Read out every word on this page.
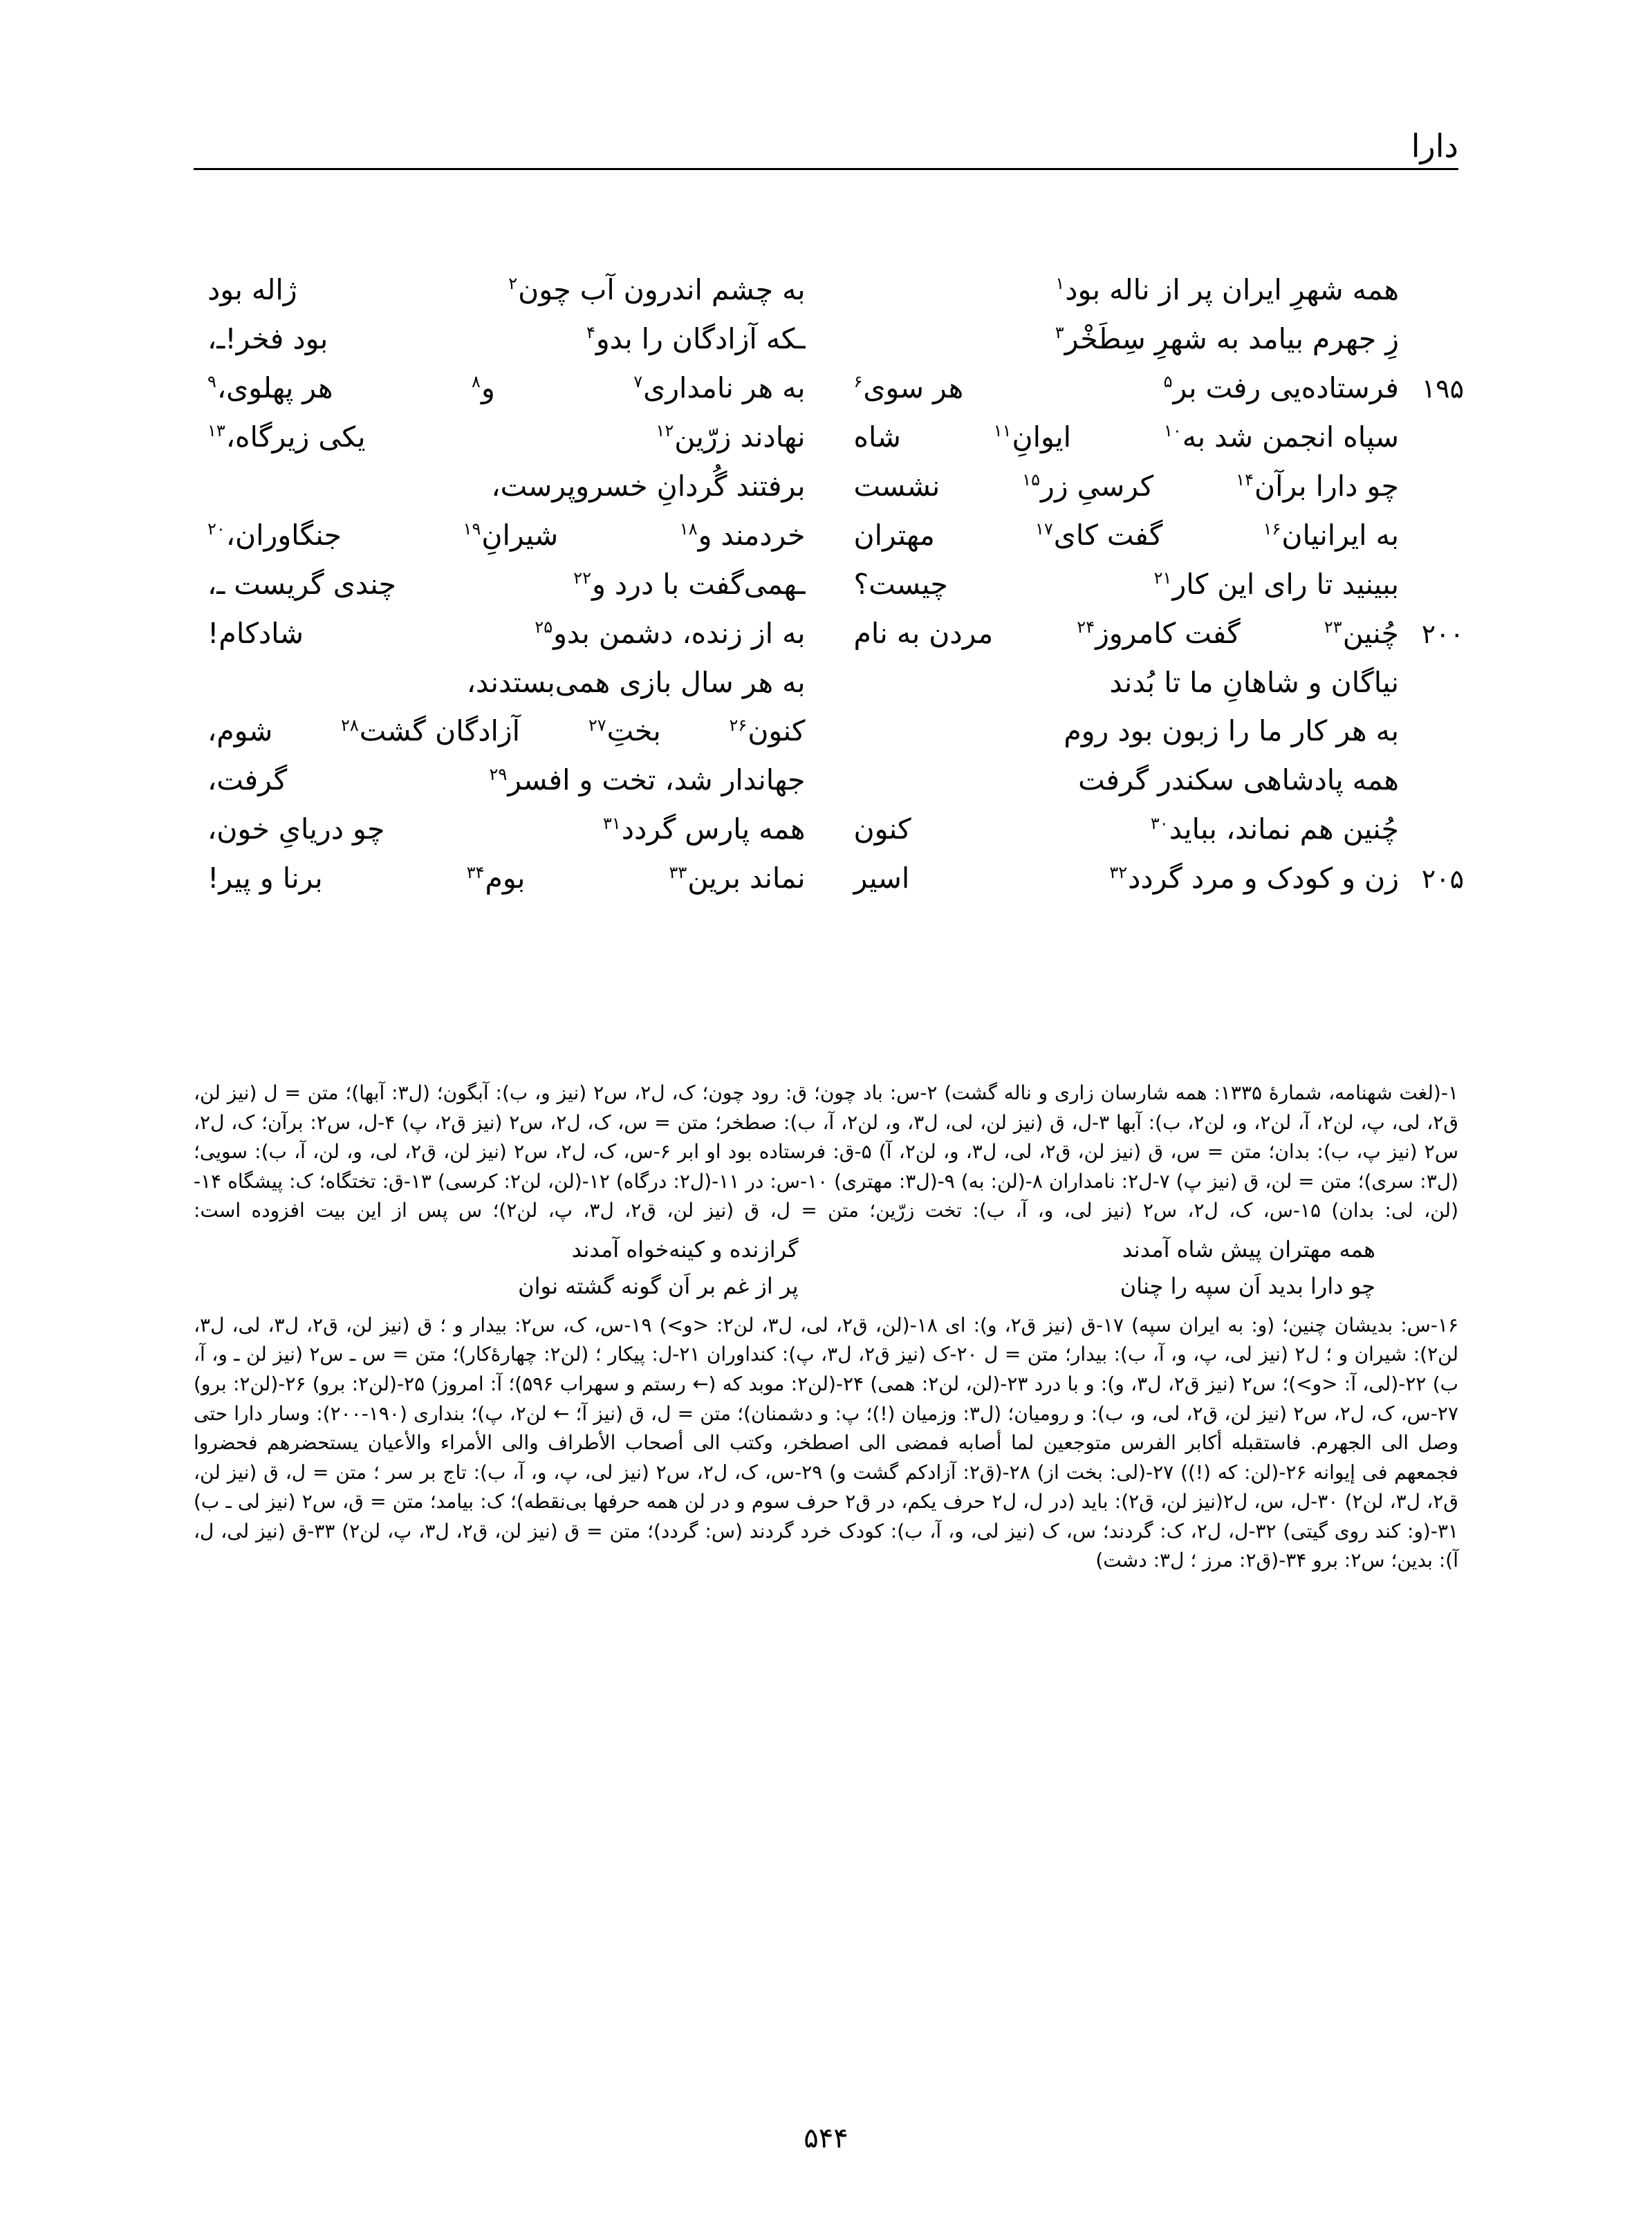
دارا
همه شهرِ ایران پر از ناله بود$^۱$
به چشم اندرون آب چون$^۲$
ژاله بود
زِ جهرم بیامد به شهرِ سِطَخْر$^۳$
ـکه آزادگان را بدو$^۴$
بود فخر!ـ،
۱۹۵
فرستاده‌یی رفت بر$^۵$
هر سوی$^۶$
به هر نامداری$^۷$
و$^۸$
هر پهلوی،$^۹$
سپاه انجمن شد به$^{۱۰}$
ایوانِ$^{۱۱}$
شاه
نهادند زرّین$^{۱۲}$
یکی زیرگاه،$^{۱۳}$
چو دارا برآن$^{۱۴}$
کرسیِ زر$^{۱۵}$
نشست
برفتند گُردانِ خسروپرست،
به ایرانیان$^{۱۶}$
گفت کای$^{۱۷}$
مهتران
خردمند و$^{۱۸}$
شیرانِ$^{۱۹}$
جنگاوران،$^{۲۰}$
ببینید تا رای این کار$^{۲۱}$
چیست؟
ـهمی‌گفت با درد و$^{۲۲}$
چندی گریست ـ،
۲۰۰
چُنین$^{۲۳}$
گفت کامروز$^{۲۴}$
مردن به نام
به از زنده، دشمن بدو$^{۲۵}$
شادکام!
نیاگان و شاهانِ ما تا بُدند
به هر سال بازی همی‌بستدند،
به هر کار ما را زبون بود روم
کنون$^{۲۶}$
بختِ$^{۲۷}$
آزادگان گشت$^{۲۸}$
شوم،
همه پادشاهی سکندر گرفت
جهاندار شد، تخت و افسر$^{۲۹}$
گرفت،
چُنین هم نماند، بباید$^{۳۰}$
کنون
همه پارس گردد$^{۳۱}$
چو دریایِ خون،
۲۰۵
زن و کودک و مرد گردد$^{۳۲}$
اسیر
نماند برین$^{۳۳}$
بوم$^{۳۴}$
برنا و پیر!

۱-(لغت شهنامه، شمارهٔ ۱۳۳۵: همه شارسان زاری و ناله گشت) ۲-س: باد چون؛ ق: رود چون؛ ک، ل۲، س۲ (نیز و، ب): آبگون؛ (ل۳: آبها)؛ متن = ل (نیز لن، ق۲، لی، پ، لن۲، آ، لن۲، و، لن۲، ب): آبها ۳-ل، ق (نیز لن، لی، ل۳، و، لن۲، آ، ب): صطخر؛ متن = س، ک، ل۲، س۲ (نیز ق۲، پ) ۴-ل، س۲: برآن؛ ک، ل۲، س۲ (نیز پ، ب): بدان؛ متن = س، ق (نیز لن، ق۲، لی، ل۳، و، لن۲، آ) ۵-ق: فرستاده بود او ابر ۶-س، ک، ل۲، س۲ (نیز لن، ق۲، لی، و، لن، آ، ب): سویی؛ (ل۳: سری)؛ متن = لن، ق (نیز پ) ۷-ل۲: نامداران ۸-(لن: به) ۹-(ل۳: مهتری) ۱۰-س: در ۱۱-(ل۲: درگاه) ۱۲-(لن، لن۲: کرسی) ۱۳-ق: تختگاه؛ ک: پیشگاه ۱۴-(لن، لی: بدان) ۱۵-س، ک، ل۲، س۲ (نیز لی، و، آ، ب): تخت زرّین؛ متن = ل، ق (نیز لن، ق۲، ل۳، پ، لن۲)؛ س پس از این بیت افزوده است:

همه مهتران پیش شاه آمدند
گرازنده و کینه‌خواه آمدند
چو دارا بدید اَن سپه را چنان
پر از غم بر اَن گونه گشته نوان

۱۶-س: بدیشان چنین؛ (و: به ایران سپه) ۱۷-ق (نیز ق۲، و): ای ۱۸-(لن، ق۲، لی، ل۳، لن۲: <و>) ۱۹-س، ک، س۲: بیدار و ؛ ق (نیز لن، ق۲، ل۳، لی، ل۳، لن۲): شیران و ؛ ل۲ (نیز لی، پ، و، آ، ب): بیدار؛ متن = ل ۲۰-ک (نیز ق۲، ل۳، پ): کنداوران ۲۱-ل: پیکار ؛ (لن۲: چهارهٔ‌کار)؛ متن = س ـ س۲ (نیز لن ـ و، آ، ب) ۲۲-(لی، آ: <و>)؛ س۲ (نیز ق۲، ل۳، و): و با درد ۲۳-(لن، لن۲: همی) ۲۴-(لن۲: موبد که (← رستم و سهراب ۵۹۶)؛ آ: امروز) ۲۵-(لن۲: برو) ۲۶-(لن۲: برو) ۲۷-س، ک، ل۲، س۲ (نیز لن، ق۲، لی، و، ب): و رومیان؛ (ل۳: وزمیان (!)؛ پ: و دشمنان)؛ متن = ل، ق (نیز آ؛ ← لن۲، پ)؛ بنداری (۱۹۰-۲۰۰): وسار دارا حتی وصل الی الجهرم. فاستقبله أکابر الفرس متوجعین لما أصابه فمضی الی اصطخر، وکتب الی أصحاب الأطراف والی الأمراء والأعیان یستحضرهم فحضروا فجمعهم فی إیوانه ۲۶-(لن: که (!)) ۲۷-(لی: بخت از) ۲۸-(ق۲: آزادکم گشت و) ۲۹-س، ک، ل۲، س۲ (نیز لی، پ، و، آ، ب): تاج بر سر ؛ متن = ل، ق (نیز لن، ق۲، ل۳، لن۲) ۳۰-ل، س، ل۲(نیز لن، ق۲): باید (در ل، ل۲ حرف یکم، در ق۲ حرف سوم و در لن همه حرفها بی‌نقطه)؛ ک: بیامد؛ متن = ق، س۲ (نیز لی ـ ب) ۳۱-(و: کند روی گیتی) ۳۲-ل، ل۲، ک: گردند؛ س، ک (نیز لی، و، آ، ب): کودک خرد گردند (س: گردد)؛ متن = ق (نیز لن، ق۲، ل۳، پ، لن۲) ۳۳-ق (نیز لی، ل، آ): بدین؛ س۲: برو ۳۴-(ق۲: مرز ؛ ل۳: دشت)

۵۴۴
